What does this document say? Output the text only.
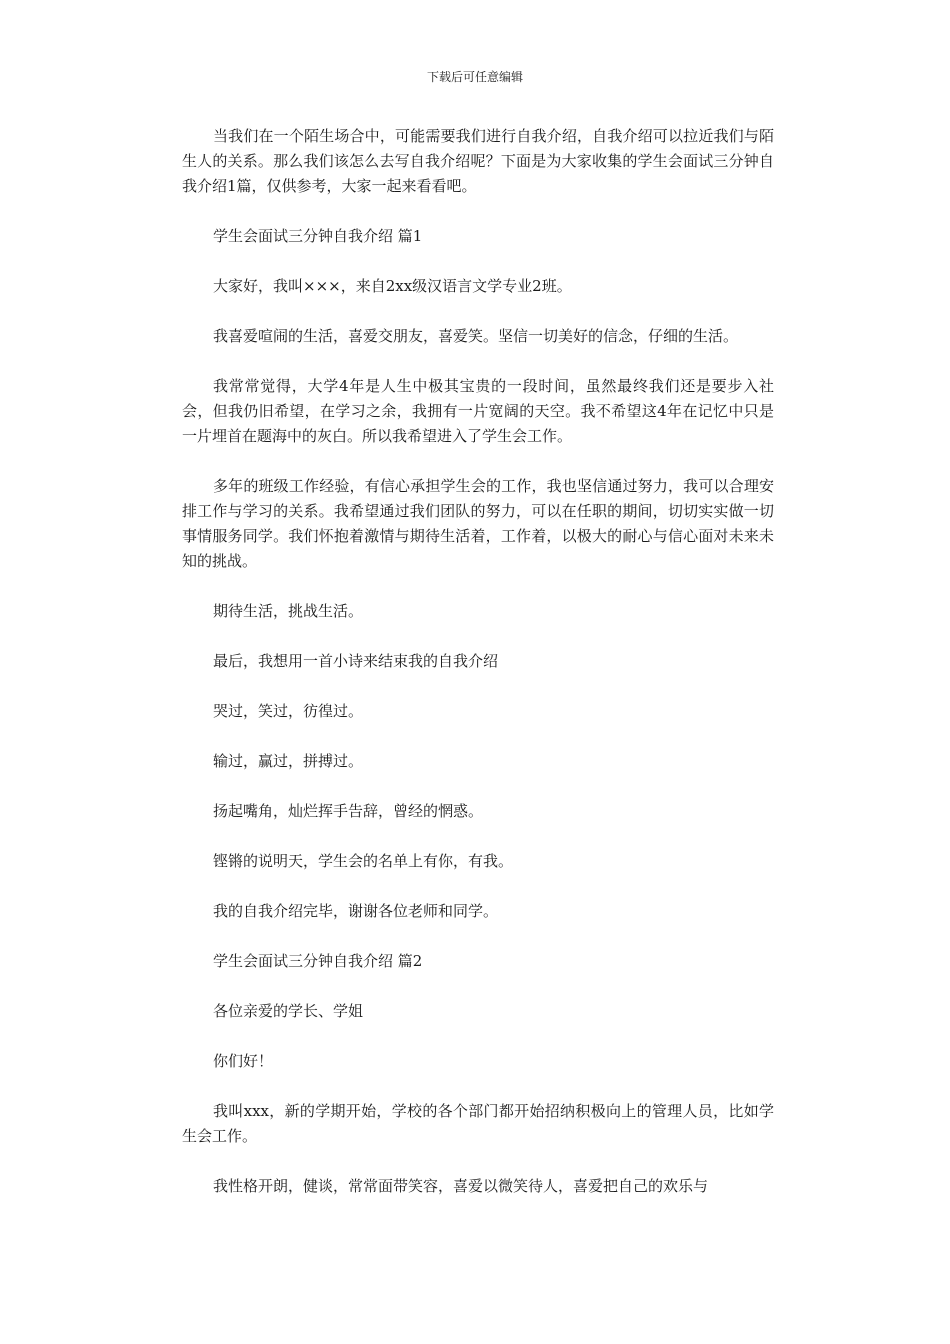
下载后可任意编辑

当我们在一个陌生场合中，可能需要我们进行自我介绍，自我介绍可以拉近我们与陌生人的关系。那么我们该怎么去写自我介绍呢？下面是为大家收集的学生会面试三分钟自我介绍1篇，仅供参考，大家一起来看看吧。

学生会面试三分钟自我介绍 篇1

大家好，我叫×××，来自2xx级汉语言文学专业2班。

我喜爱喧闹的生活，喜爱交朋友，喜爱笑。坚信一切美好的信念，仔细的生活。

我常常觉得，大学4年是人生中极其宝贵的一段时间，虽然最终我们还是要步入社会，但我仍旧希望，在学习之余，我拥有一片宽阔的天空。我不希望这4年在记忆中只是一片埋首在题海中的灰白。所以我希望进入了学生会工作。

多年的班级工作经验，有信心承担学生会的工作，我也坚信通过努力，我可以合理安排工作与学习的关系。我希望通过我们团队的努力，可以在任职的期间，切切实实做一切事情服务同学。我们怀抱着激情与期待生活着，工作着，以极大的耐心与信心面对未来未知的挑战。

期待生活，挑战生活。

最后，我想用一首小诗来结束我的自我介绍

哭过，笑过，彷徨过。

输过，赢过，拼搏过。

扬起嘴角，灿烂挥手告辞，曾经的惘惑。

铿锵的说明天，学生会的名单上有你，有我。

我的自我介绍完毕，谢谢各位老师和同学。

学生会面试三分钟自我介绍 篇2

各位亲爱的学长、学姐

你们好！

我叫xxx，新的学期开始，学校的各个部门都开始招纳积极向上的管理人员，比如学生会工作。

我性格开朗，健谈，常常面带笑容，喜爱以微笑待人，喜爱把自己的欢乐与
